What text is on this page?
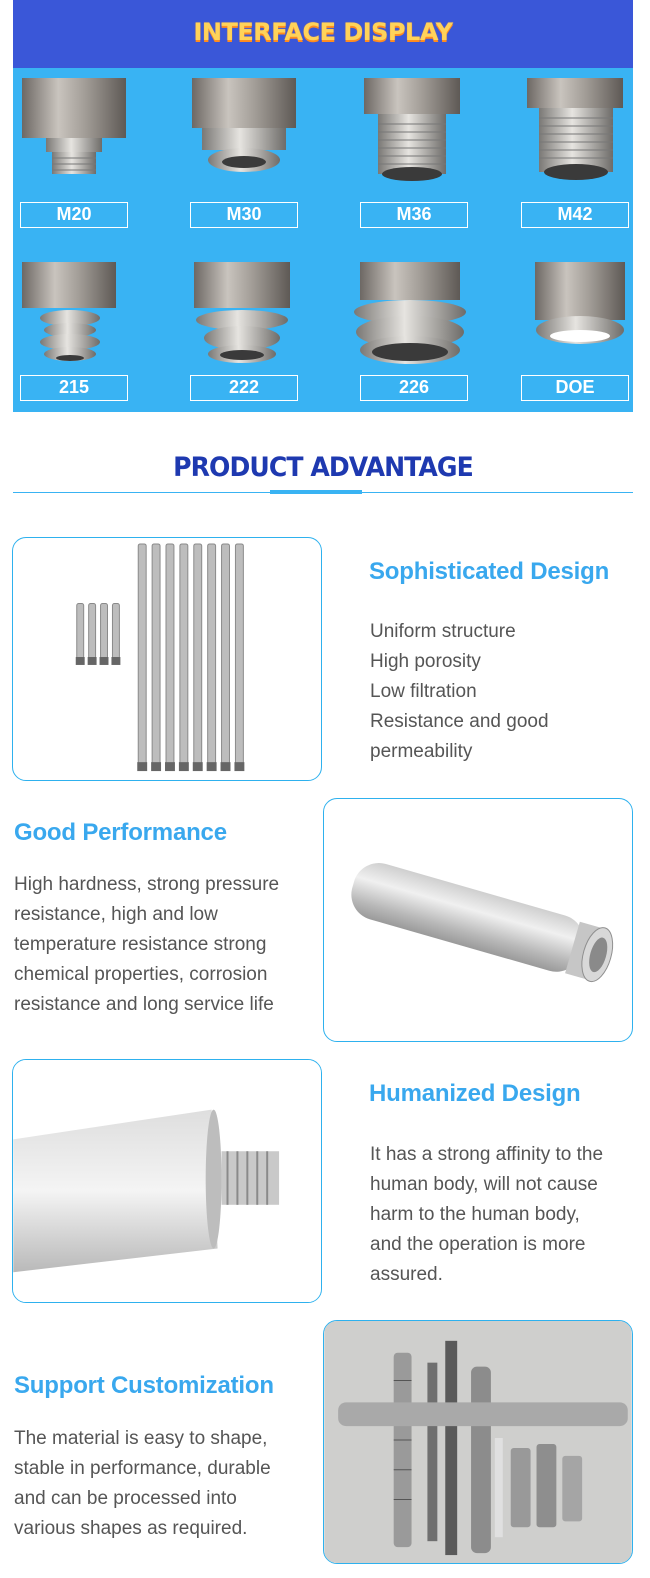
INTERFACE DISPLAY
M20	M30	M36	M42
215	222	226	DOE
PRODUCT ADVANTAGE
Sophisticated Design
Uniform structure
High porosity
Low filtration
Resistance and good
permeability
Good Performance
High hardness, strong pressure
resistance, high and low
temperature resistance strong
chemical properties, corrosion
resistance and long service life
Humanized Design
It has a strong affinity to the
human body, will not cause
harm to the human body,
and the operation is more
assured.
Support Customization
The material is easy to shape,
stable in performance, durable
and can be processed into
various shapes as required.
